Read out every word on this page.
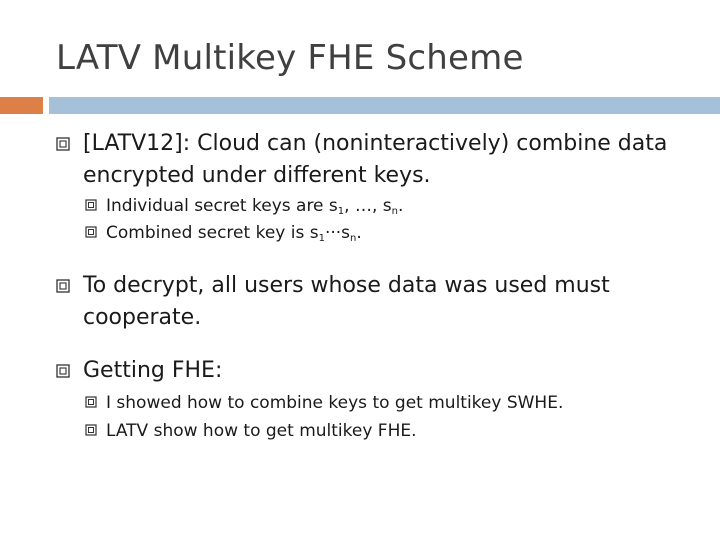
LATV Multikey FHE Scheme
[LATV12]: Cloud can (noninteractively) combine data encrypted under different keys.
Individual secret keys are $s_1$, …, $s_n$.
Combined secret key is $s_1\cdot\cdot\cdot s_n$.
To decrypt, all users whose data was used must cooperate.
Getting FHE:
I showed how to combine keys to get multikey SWHE.
LATV show how to get multikey FHE.
